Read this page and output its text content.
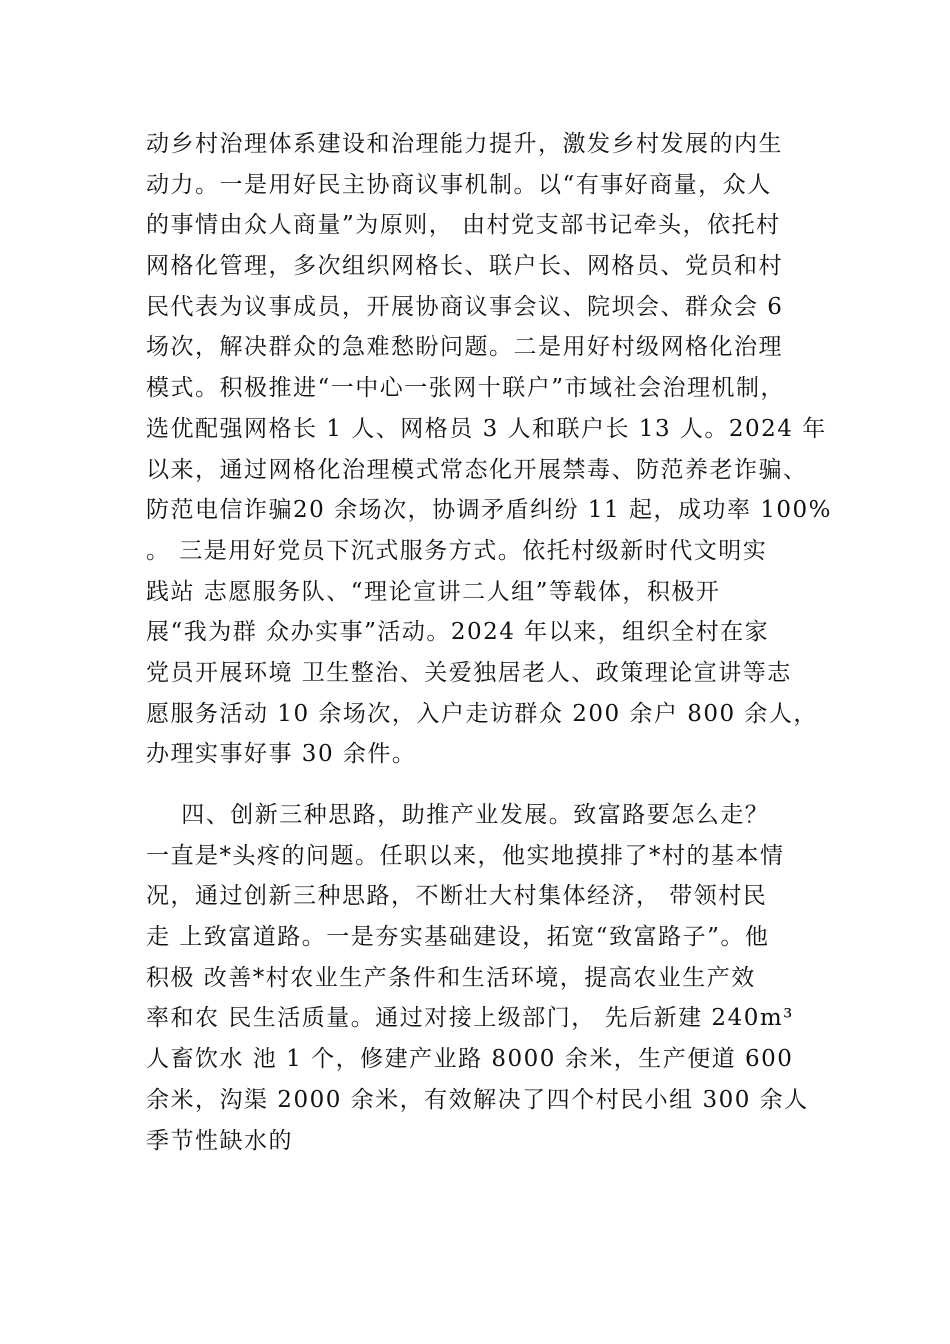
动乡村治理体系建设和治理能力提升，激发乡村发展的内生
动力。一是用好民主协商议事机制。以“有事好商量，众人
的事情由众人商量”为原则， 由村党支部书记牵头，依托村
网格化管理，多次组织网格长、联户长、网格员、党员和村
民代表为议事成员，开展协商议事会议、院坝会、群众会 6
场次，解决群众的急难愁盼问题。二是用好村级网格化治理
模式。积极推进“一中心一张网十联户”市域社会治理机制，
选优配强网格长 1 人、网格员 3 人和联户长 13 人。2024 年
以来，通过网格化治理模式常态化开展禁毒、防范养老诈骗、
防范电信诈骗20 余场次，协调矛盾纠纷 11 起，成功率 100%
。 三是用好党员下沉式服务方式。依托村级新时代文明实
践站 志愿服务队、“理论宣讲二人组”等载体，积极开
展“我为群 众办实事”活动。2024 年以来，组织全村在家
党员开展环境 卫生整治、关爱独居老人、政策理论宣讲等志
愿服务活动 10 余场次，入户走访群众 200 余户 800 余人，
办理实事好事 30 余件。
四、创新三种思路，助推产业发展。致富路要怎么走？
一直是*头疼的问题。任职以来，他实地摸排了*村的基本情
况，通过创新三种思路，不断壮大村集体经济， 带领村民
走 上致富道路。一是夯实基础建设，拓宽“致富路子”。他
积极 改善*村农业生产条件和生活环境，提高农业生产效
率和农 民生活质量。通过对接上级部门， 先后新建 240m³
人畜饮水 池 1 个，修建产业路 8000 余米，生产便道 600
余米，沟渠 2000 余米，有效解决了四个村民小组 300 余人
季节性缺水的
